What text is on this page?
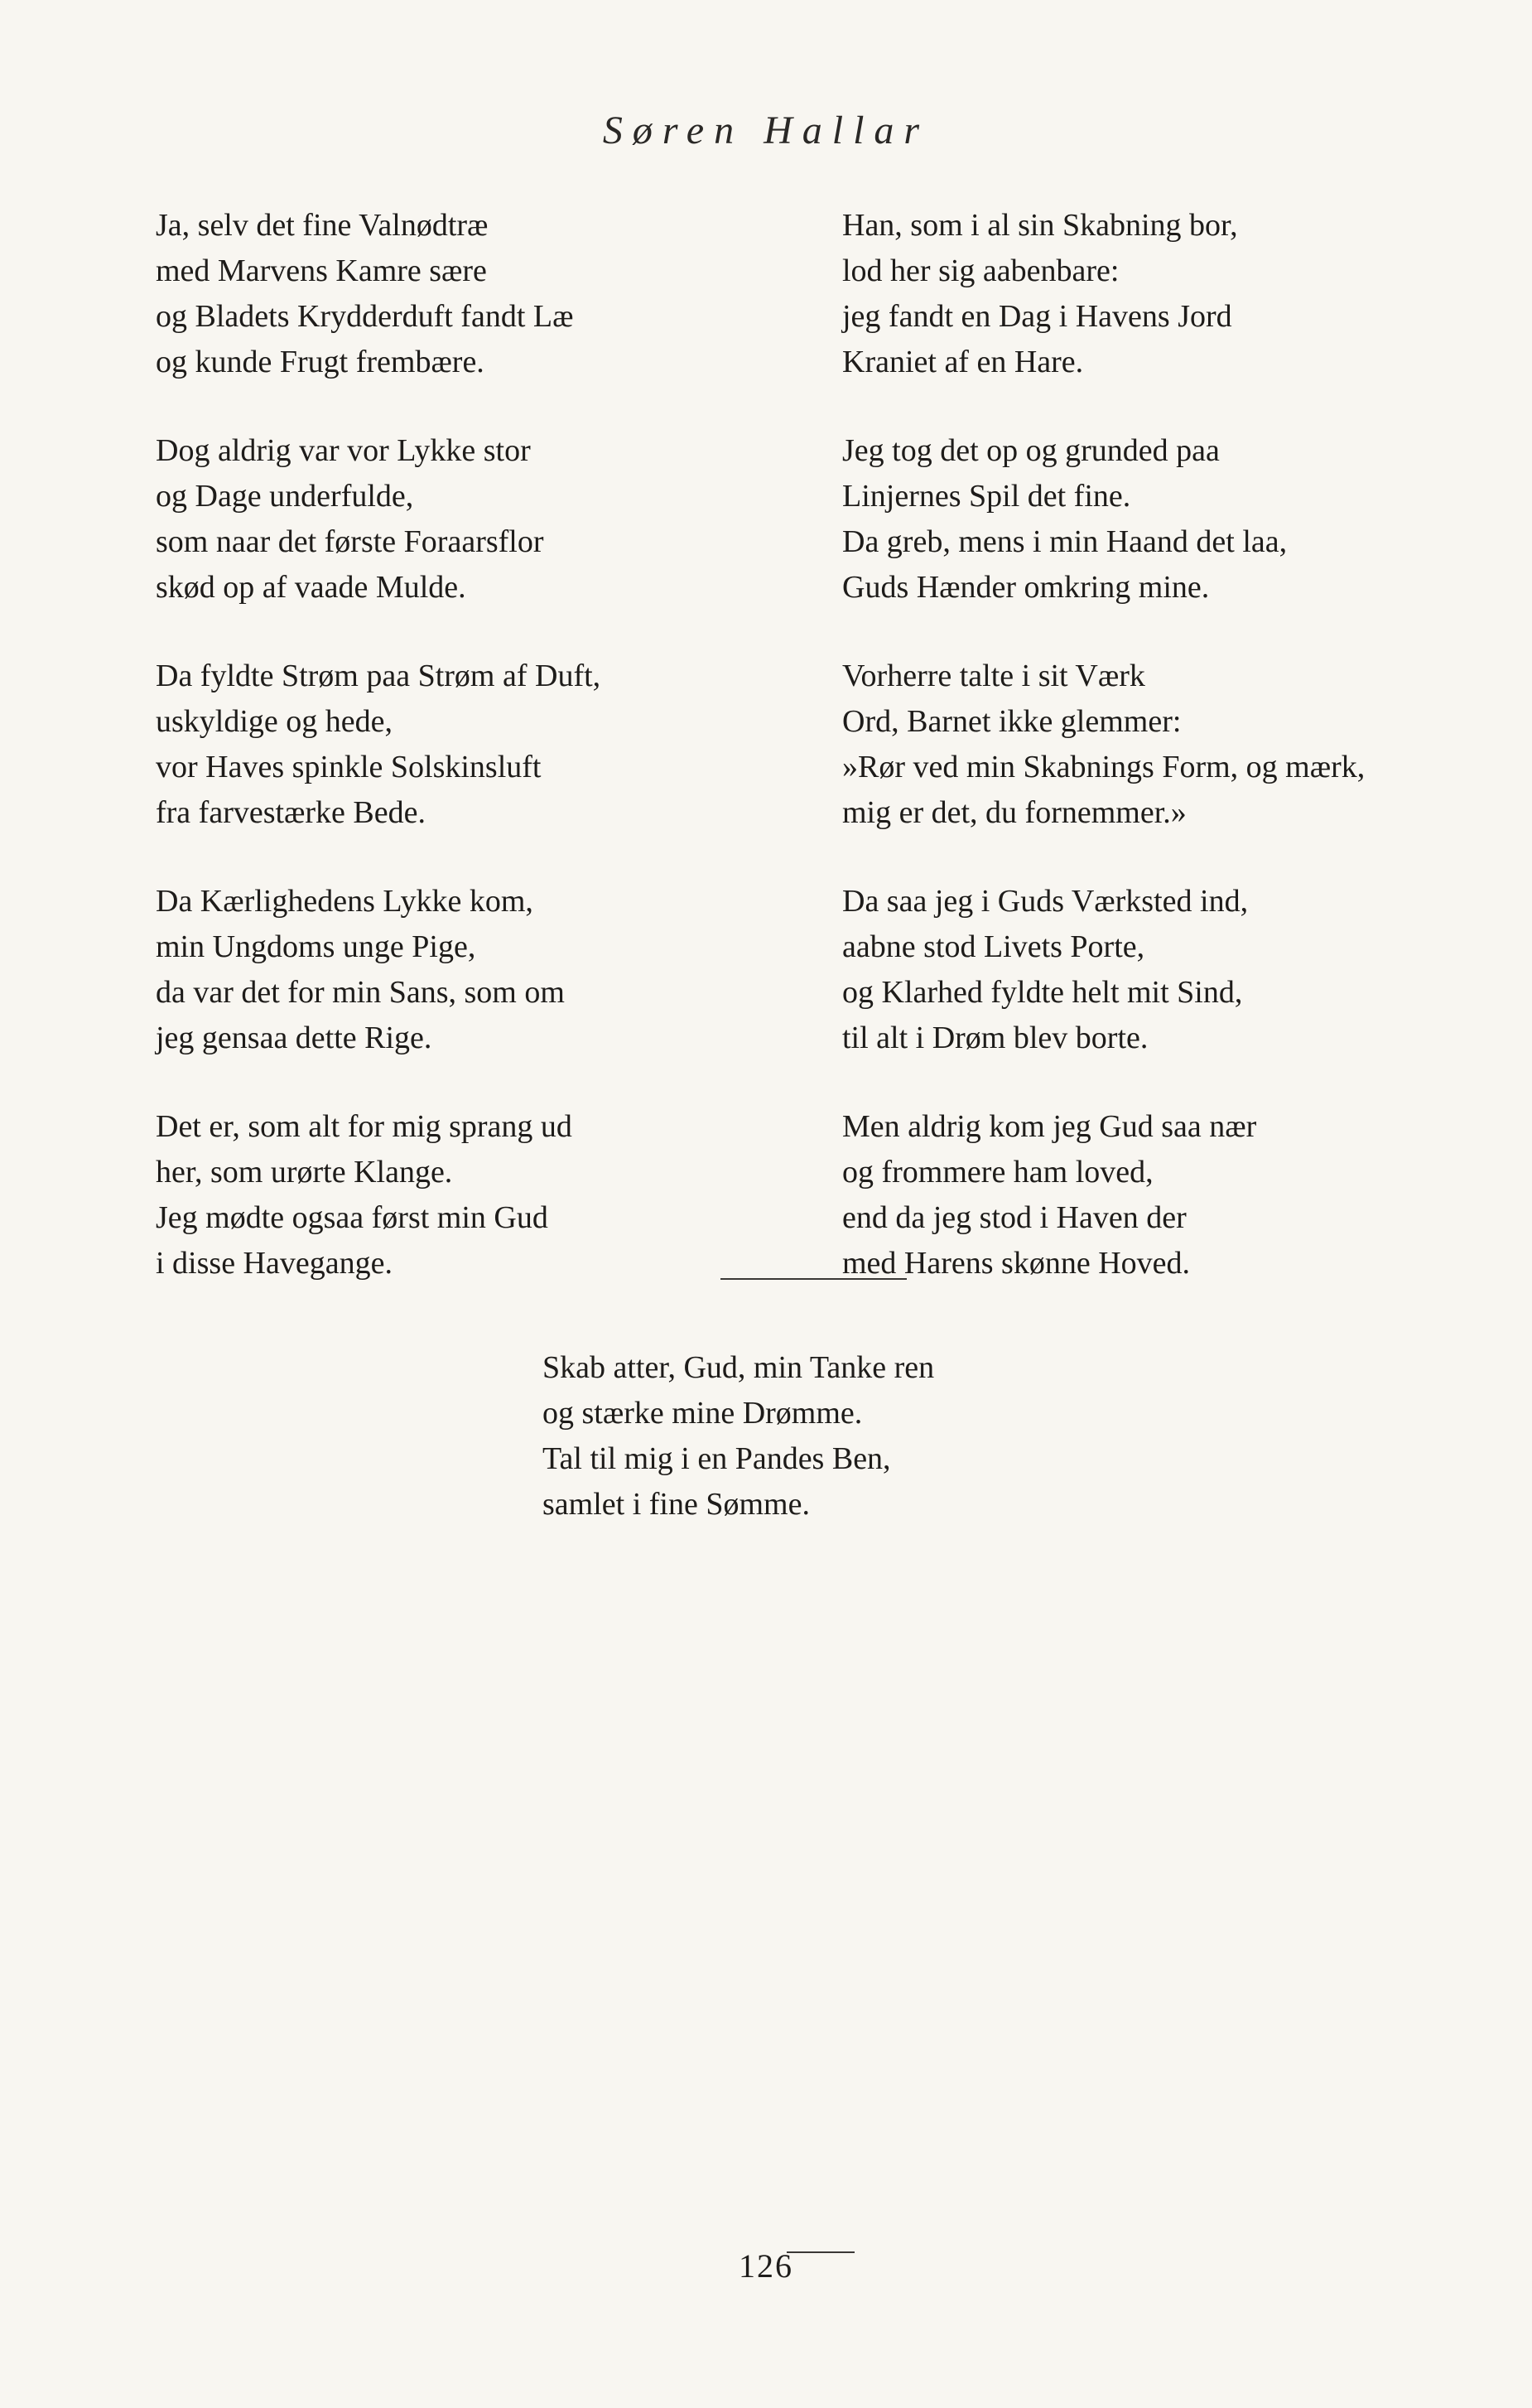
Søren Hallar
Ja, selv det fine Valnødtræ
med Marvens Kamre sære
og Bladets Krydderduft fandt Læ
og kunde Frugt frembære.
Dog aldrig var vor Lykke stor
og Dage underfulde,
som naar det første Foraarsflor
skød op af vaade Mulde.
Da fyldte Strøm paa Strøm af Duft,
uskyldige og hede,
vor Haves spinkle Solskinsluft
fra farvestærke Bede.
Da Kærlighedens Lykke kom,
min Ungdoms unge Pige,
da var det for min Sans, som om
jeg gensaa dette Rige.
Det er, som alt for mig sprang ud
her, som urørte Klange.
Jeg mødte ogsaa først min Gud
i disse Havegange.
Han, som i al sin Skabning bor,
lod her sig aabenbare:
jeg fandt en Dag i Havens Jord
Kraniet af en Hare.
Jeg tog det op og grunded paa
Linjernes Spil det fine.
Da greb, mens i min Haand det laa,
Guds Hænder omkring mine.
Vorherre talte i sit Værk
Ord, Barnet ikke glemmer:
»Rør ved min Skabnings Form, og mærk,
mig er det, du fornemmer.»
Da saa jeg i Guds Værksted ind,
aabne stod Livets Porte,
og Klarhed fyldte helt mit Sind,
til alt i Drøm blev borte.
Men aldrig kom jeg Gud saa nær
og frommere ham loved,
end da jeg stod i Haven der
med Harens skønne Hoved.
Skab atter, Gud, min Tanke ren
og stærke mine Drømme.
Tal til mig i en Pandes Ben,
samlet i fine Sømme.
126
